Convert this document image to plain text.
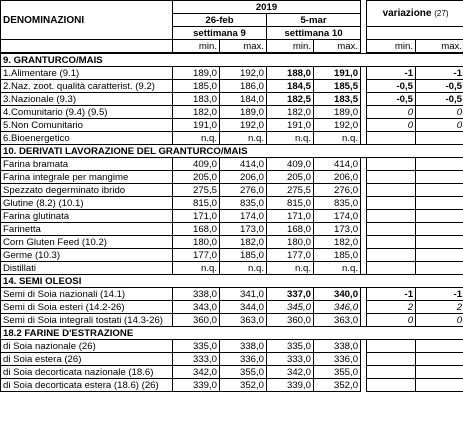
DENOMINAZIONI	2019					variazione (27)	
	26-feb		5-mar				
	settimana 9		settimana 10				
	min.	max.	min.	max.		min.	max.
9. GRANTURCO/MAIS							
1.Alimentare (9.1)	189,0	192,0	188,0	191,0		-1	-1
2.Naz. zoot. qualità caratterist. (9.2)	185,0	186,0	184,5	185,5		-0,5	-0,5
3.Nazionale (9.3)	183,0	184,0	182,5	183,5		-0,5	-0,5
4.Comunitario (9.4) (9.5)	182,0	189,0	182,0	189,0		0	0
5.Non Comunitario	191,0	192,0	191,0	192,0		0	0
6.Bioenergetico	n.q.	n.q.	n.q.	n.q.			
10. DERIVATI LAVORAZIONE DEL GRANTURCO/MAIS							
Farina bramata	409,0	414,0	409,0	414,0			
Farina integrale per mangime	205,0	206,0	205,0	206,0			
Spezzato degerminato ibrido	275,5	276,0	275,5	276,0			
Glutine (8.2) (10.1)	815,0	835,0	815,0	835,0			
Farina glutinata	171,0	174,0	171,0	174,0			
Farinetta	168,0	173,0	168,0	173,0			
Corn Gluten Feed (10.2)	180,0	182,0	180,0	182,0			
Germe (10.3)	177,0	185,0	177,0	185,0			
Distillati	n.q.	n.q.	n.q.	n.q.			
14. SEMI OLEOSI							
Semi di Soia nazionali (14.1)	338,0	341,0	337,0	340,0		-1	-1
Semi di Soia esteri (14.2-26)	343,0	344,0	345,0	346,0		2	2
Semi di Soia integrali tostati (14.3-26)	360,0	363,0	360,0	363,0		0	0
18.2 FARINE D'ESTRAZIONE							
di Soia nazionale (26)	335,0	338,0	335,0	338,0			
di Soia estera (26)	333,0	336,0	333,0	336,0			
di Soia decorticata nazionale (18.6)	342,0	355,0	342,0	355,0			
di Soia decorticata estera (18.6) (26)	339,0	352,0	339,0	352,0			
